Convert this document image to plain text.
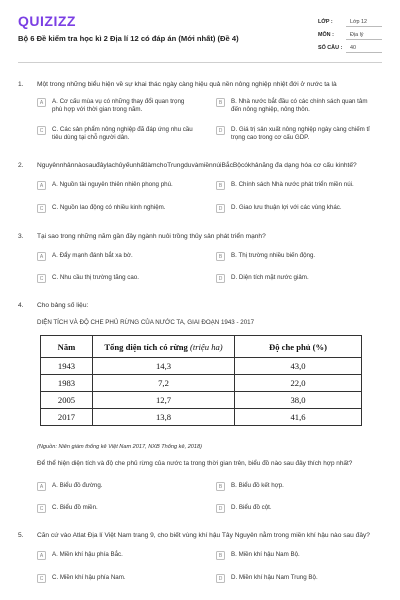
QUIZIZZ
Bộ 6 Đề kiểm tra học kì 2 Địa lí 12 có đáp án (Mới nhất) (Đề 4)
LỚP :	Lớp 12
MÔN :	Địa lý
SỐ CÂU :	40
1.	Một trong những biểu hiện về sự khai thác ngày càng hiệu quả nền nông nghiệp nhiệt đới ở nước ta là
A	A. Cơ cấu mùa vụ có những thay đổi quan trọng
phù hợp với thời gian trong năm.
B	B. Nhà nước bắt đầu có các chính sách quan tâm
đến nông nghiệp, nông thôn.
C	C. Các sản phẩm nông nghiệp đã đáp ứng nhu cầu
tiêu dùng tại chỗ người dân.
D	D. Giá trị sản xuất nông nghiệp ngày càng chiếm tỉ
trọng cao trong cơ cấu GDP.
2.	NguyênnhânnàosauđâylachủyếunhấtlàmchoTrungduvàmiềnnúiBắcBộcókhảnăng đa dạng hóa cơ cấu kinhtế?
A	A. Nguồn tài nguyên thiên nhiên phong phú.	B	B. Chính sách Nhà nước phát triển miền núi.
C	C. Nguồn lao động có nhiều kinh nghiệm.	D	D. Giao lưu thuận lợi với các vùng khác.
3.	Tại sao trong những năm gần đây ngành nuôi trồng thủy sản phát triển mạnh?
A	A. Đẩy mạnh đánh bắt xa bờ.	B	B. Thị trường nhiều biến động.
C	C. Nhu cầu thị trường tăng cao.	D	D. Diện tích mặt nước giảm.
4.	Cho bảng số liệu:
DIỆN TÍCH VÀ ĐỘ CHE PHỦ RỪNG CỦA NƯỚC TA, GIAI ĐOẠN 1943 - 2017
Năm	Tổng diện tích có rừng (triệu ha)	Độ che phủ (%)
1943	14,3	43,0
1983	7,2	22,0
2005	12,7	38,0
2017	13,8	41,6
(Nguồn: Niên giám thống kê Việt Nam 2017, NXB Thống kê, 2018)
Để thể hiện diện tích và độ che phủ rừng của nước ta trong thời gian trên, biểu đồ nào sau đây thích hợp nhất?
A	A. Biểu đồ đường.	B	B. Biểu đồ kết hợp.
C	C. Biểu đồ miền.	D	D. Biểu đồ cột.
5.	Căn cứ vào Atlat Địa lí Việt Nam trang 9, cho biết vùng khí hậu Tây Nguyên nằm trong miền khí hậu nào sau đây?
A	A. Miền khí hậu phía Bắc.	B	B. Miền khí hậu Nam Bộ.
C	C. Miền khí hậu phía Nam.	D	D. Miền khí hậu Nam Trung Bộ.
